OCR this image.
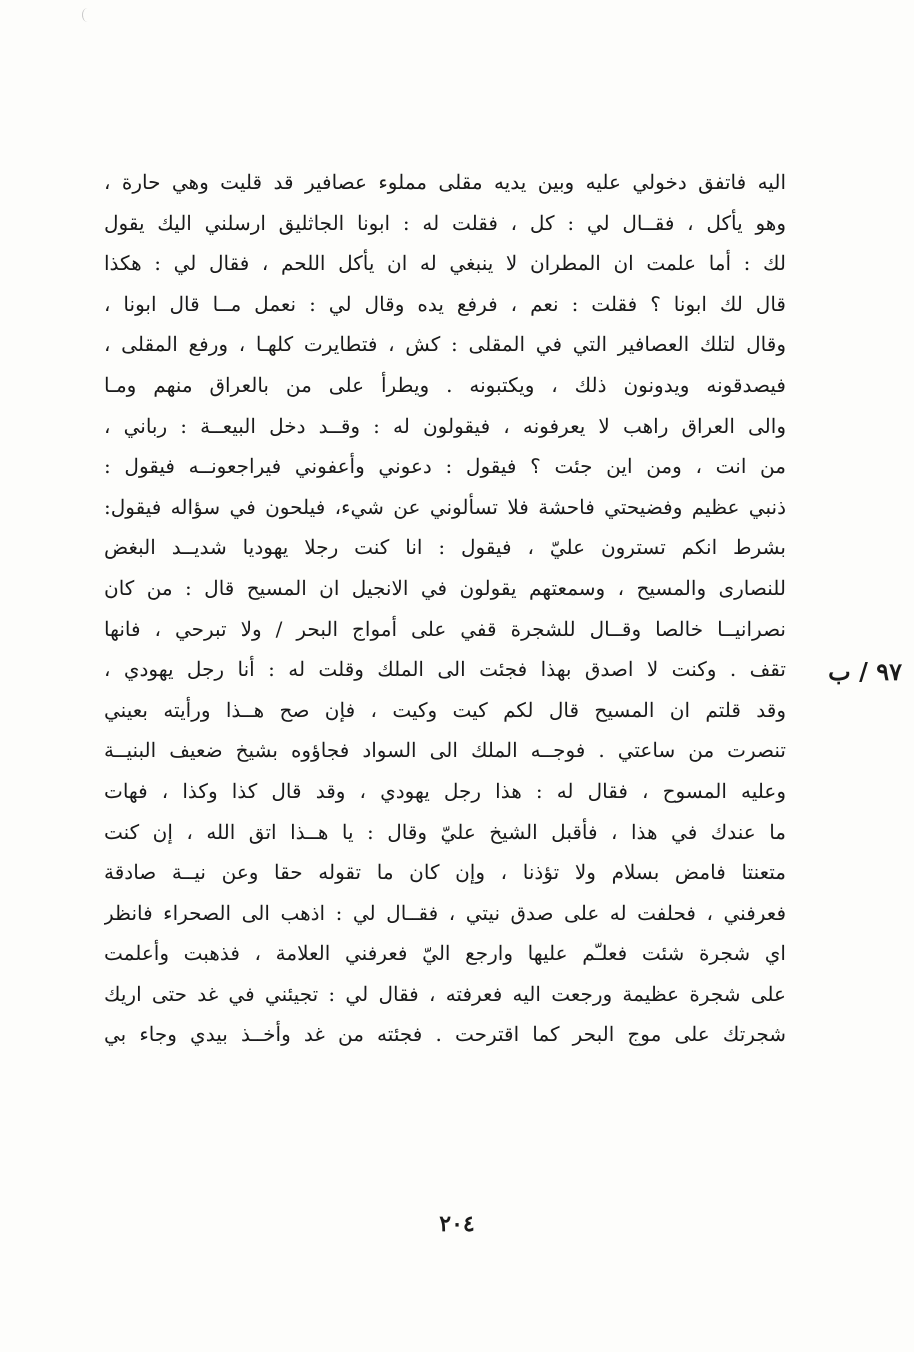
اليه فاتفق دخولي عليه وبين يديه مقلى مملوء عصافير قد قليت وهي حارة ،
وهو يأكل ، فقــال لي : كل ، فقلت له : ابونا الجاثليق ارسلني اليك يقول
لك : أما علمت ان المطران لا ينبغي له ان يأكل اللحم ، فقال لي : هكذا
قال لك ابونا ؟ فقلت : نعم ، فرفع يده وقال لي : نعمل مــا قال ابونا ،
وقال لتلك العصافير التي في المقلى : كش ، فتطايرت كلهـا ، ورفع المقلى ،
فيصدقونه ويدونون ذلك ، ويكتبونه . ويطرأ على من بالعراق منهم ومـا
والى العراق راهب لا يعرفونه ، فيقولون له : وقــد دخل البيعــة : رباني ،
من انت ، ومن اين جئت ؟ فيقول : دعوني وأعفوني فيراجعونــه فيقول :
ذنبي عظيم وفضيحتي فاحشة فلا تسألوني عن شيء، فيلحون في سؤاله فيقول:
بشرط انكم تسترون عليّ ، فيقول : انا كنت رجلا يهوديا شديــد البغض
للنصارى والمسيح ، وسمعتهم يقولون في الانجيل ان المسيح قال : من كان
نصرانيــا خالصا وقــال للشجرة قفي على أمواج البحر / ولا تبرحي ، فانها
تقف . وكنت لا اصدق بهذا فجئت الى الملك وقلت له : أنا رجل يهودي ،
وقد قلتم ان المسيح قال لكم كيت وكيت ، فإن صح هــذا ورأيته بعيني
تنصرت من ساعتي . فوجــه الملك الى السواد فجاؤوه بشيخ ضعيف البنيــة
وعليه المسوح ، فقال له : هذا رجل يهودي ، وقد قال كذا وكذا ، فهات
ما عندك في هذا ، فأقبل الشيخ عليّ وقال : يا هــذا اتق الله ، إن كنت
متعنتا فامض بسلام ولا تؤذنا ، وإن كان ما تقوله حقا وعن نيــة صادقة
فعرفني ، فحلفت له على صدق نيتي ، فقــال لي : اذهب الى الصحراء فانظر
اي شجرة شئت فعلـّم عليها وارجع اليّ فعرفني العلامة ، فذهبت وأعلمت
على شجرة عظيمة ورجعت اليه فعرفته ، فقال لي : تجيئني في غد حتى اريك
شجرتك على موج البحر كما اقترحت . فجئته من غد وأخــذ بيدي وجاء بي
٩٧ / ب
٢٠٤
